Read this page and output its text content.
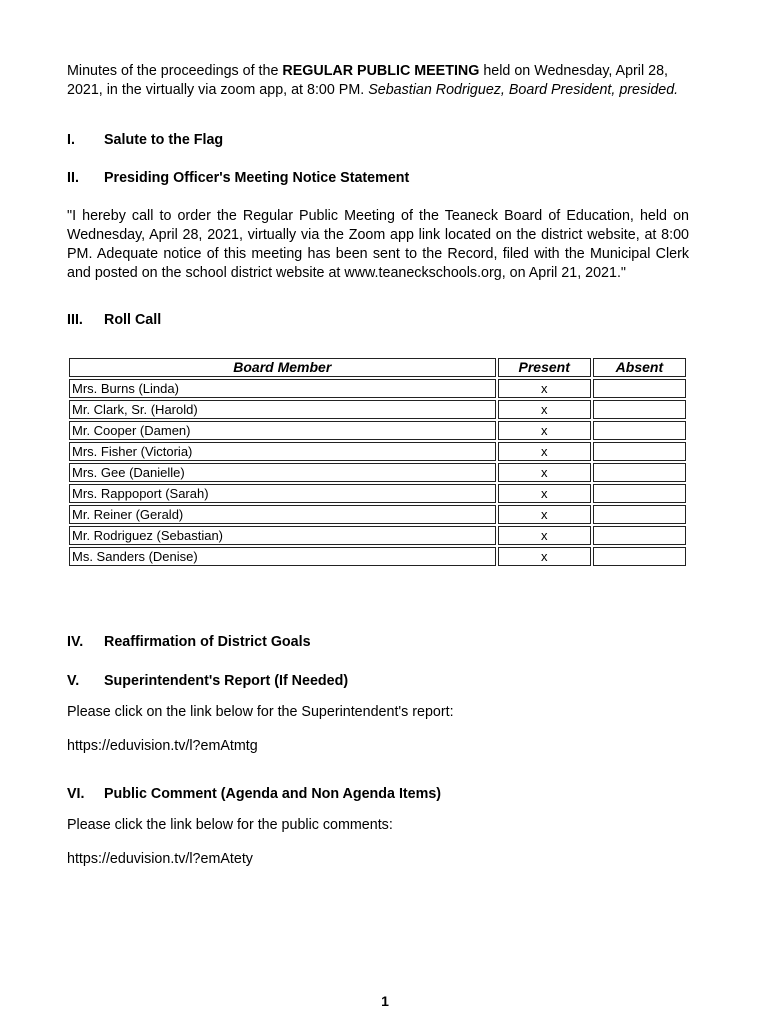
Minutes of the proceedings of the REGULAR PUBLIC MEETING held on Wednesday, April 28, 2021, in the virtually via zoom app, at 8:00 PM. Sebastian Rodriguez, Board President, presided.
I. Salute to the Flag
II. Presiding Officer's Meeting Notice Statement
"I hereby call to order the Regular Public Meeting of the Teaneck Board of Education, held on Wednesday, April 28, 2021, virtually via the Zoom app link located on the district website, at 8:00 PM. Adequate notice of this meeting has been sent to the Record, filed with the Municipal Clerk and posted on the school district website at www.teaneckschools.org, on April 21, 2021."
III. Roll Call
Board Member	Present	Absent
Mrs. Burns (Linda)	x	
Mr. Clark, Sr. (Harold)	x	
Mr. Cooper (Damen)	x	
Mrs. Fisher (Victoria)	x	
Mrs. Gee (Danielle)	x	
Mrs. Rappoport (Sarah)	x	
Mr. Reiner (Gerald)	x	
Mr. Rodriguez (Sebastian)	x	
Ms. Sanders (Denise)	x	
IV. Reaffirmation of District Goals
V. Superintendent's Report (If Needed)
Please click on the link below for the Superintendent's report:
https://eduvision.tv/l?emAtmtg
VI. Public Comment (Agenda and Non Agenda Items)
Please click the link below for the public comments:
https://eduvision.tv/l?emAtety
1
